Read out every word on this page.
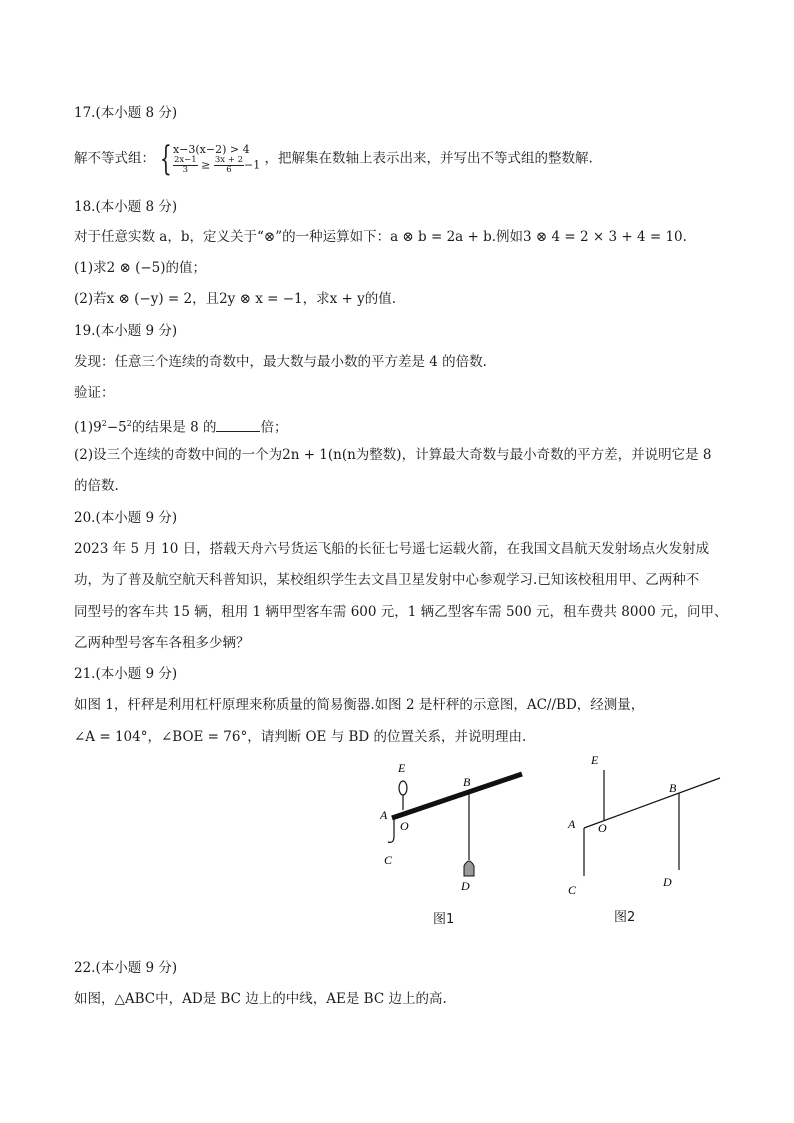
17.(本小题 8 分)
解不等式组： { x−3(x−2) > 4
$\frac{2x-1}{3} \ge \frac{3x + 2}{6} -1$ ，把解集在数轴上表示出来，并写出不等式组的整数解.
18.(本小题 8 分)
对于任意实数 a，b，定义关于“⊗”的一种运算如下：a ⊗ b = 2a + b.例如3 ⊗ 4 = 2 × 3 + 4 = 10.
(1)求2 ⊗ (−5)的值；
(2)若x ⊗ (−y) = 2，且2y ⊗ x = −1，求x + y的值.
19.(本小题 9 分)
发现：任意三个连续的奇数中，最大数与最小数的平方差是 4 的倍数.
验证：
$(1)9^2-5^2$的结果是 8 的	倍；
(2)设三个连续的奇数中间的一个为2n + 1(n(n为整数)，计算最大奇数与最小奇数的平方差，并说明它是 8
的倍数.
20.(本小题 9 分)
2023 年 5 月 10 日，搭载天舟六号货运飞船的长征七号遥七运载火箭，在我国文昌航天发射场点火发射成
功，为了普及航空航天科普知识，某校组织学生去文昌卫星发射中心参观学习.已知该校租用甲、乙两种不
同型号的客车共 15 辆，租用 1 辆甲型客车需 600 元，1 辆乙型客车需 500 元，租车费共 8000 元，问甲、
乙两种型号客车各租多少辆？
21.(本小题 9 分)
如图 1，杆秤是利用杠杆原理来称质量的简易衡器.如图 2 是杆秤的示意图，AC//BD，经测量，
∠A = 104°，∠BOE = 76°，请判断 OE 与 BD 的位置关系，并说明理由.
E
B
A
O
C
D
图1
E
B
A O
C
D
图2
22.(本小题 9 分)
如图，△ABC中，AD是 BC 边上的中线，AE是 BC 边上的高.
